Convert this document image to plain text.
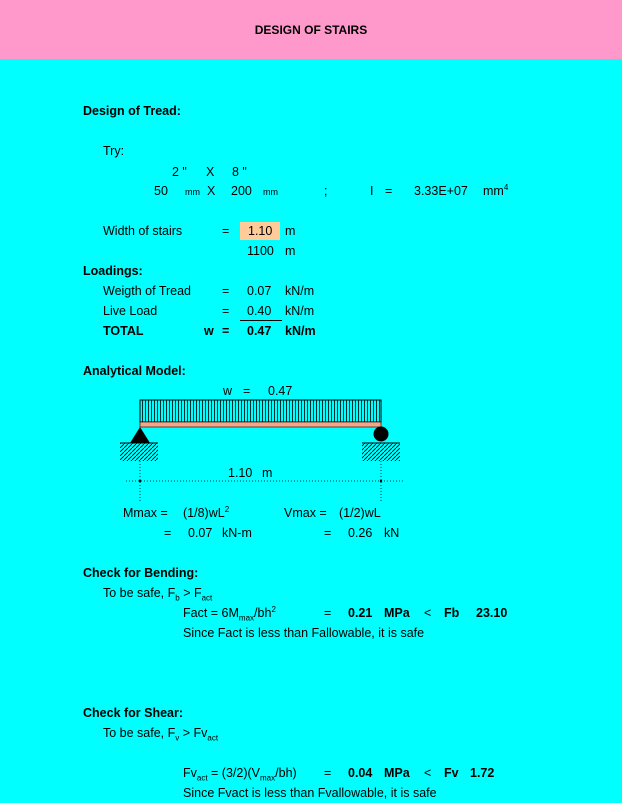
DESIGN OF STAIRS
Design of Tread:
Try:
2 " X 8 "
50 mm X 200 mm	;	I = 3.33E+07 $mm^4$
Width of stairs	= 1.10 m
1100 m
Loadings:
Weigth of Tread = 0.07 kN/m
Live Load	= 0.40 kN/m
TOTAL	w = 0.47 kN/m
Analytical Model:
w = 0.47
1.10 m
$Mmax = (1/8)wL^2$
= 0.07 kN-m
Vmax = (1/2)wL
= 0.26 kN
Check for Bending:
To be safe, $F_b > F_{act}$
Fact = $6M_{max}/bh^2$	= 0.21 MPa < Fb 23.10
Since Fact is less than Fallowable, it is safe
Check for Shear:
To be safe, $F_v > Fv_{act}$
$Fv_{act} = (3/2)(V_{max}/bh) = 0.04$ MPa < Fv 1.72
Since Fvact is less than Fvallowable, it is safe
